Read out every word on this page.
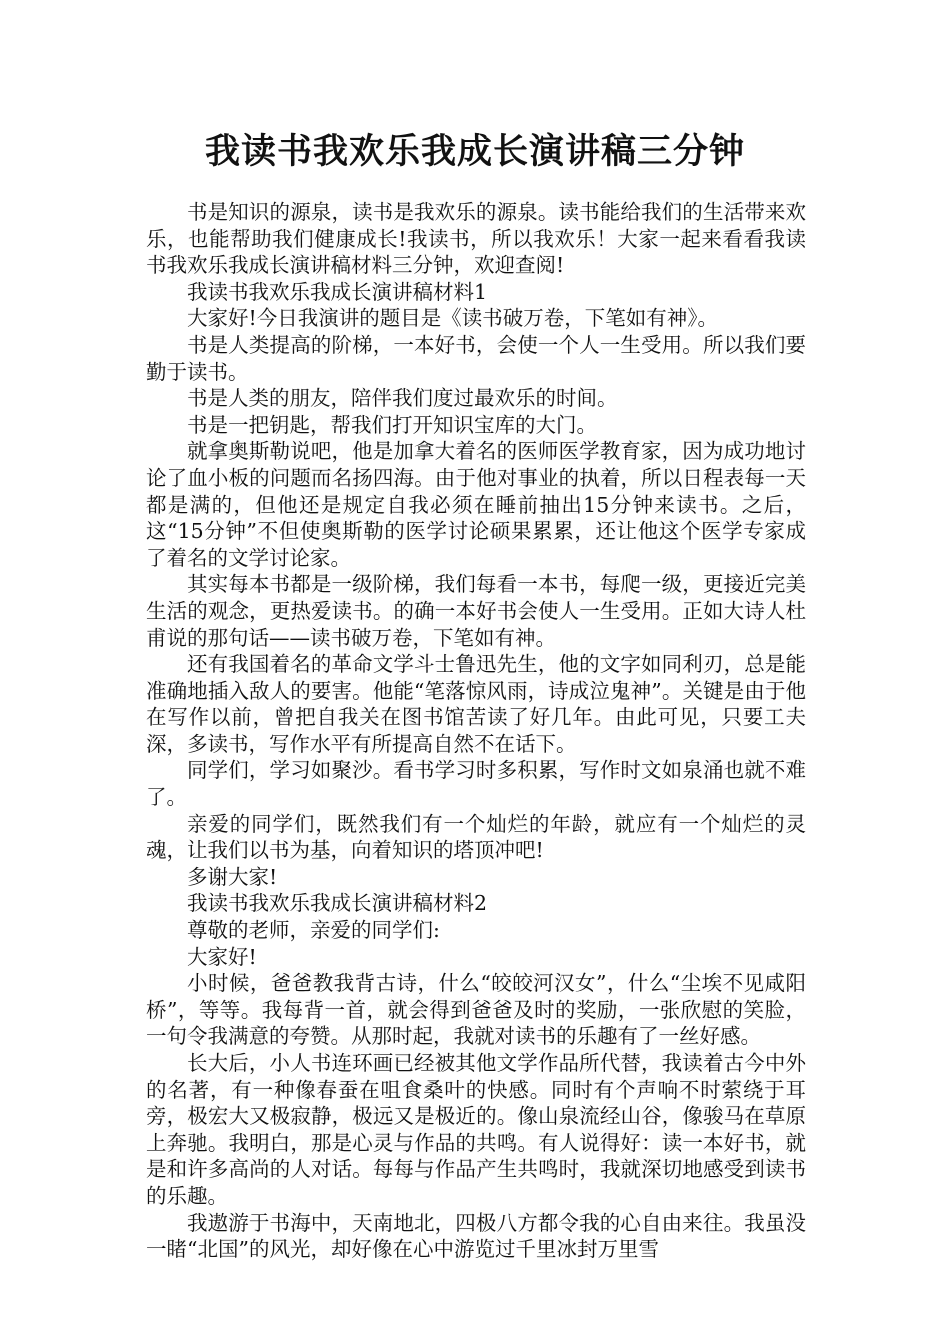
我读书我欢乐我成长演讲稿三分钟

书是知识的源泉，读书是我欢乐的源泉。读书能给我们的生活带来欢乐，也能帮助我们健康成长!我读书，所以我欢乐！大家一起来看看我读书我欢乐我成长演讲稿材料三分钟，欢迎查阅!

我读书我欢乐我成长演讲稿材料1

大家好!今日我演讲的题目是《读书破万卷，下笔如有神》。

书是人类提高的阶梯，一本好书，会使一个人一生受用。所以我们要勤于读书。

书是人类的朋友，陪伴我们度过最欢乐的时间。

书是一把钥匙，帮我们打开知识宝库的大门。

就拿奥斯勒说吧，他是加拿大着名的医师医学教育家，因为成功地讨论了血小板的问题而名扬四海。由于他对事业的执着，所以日程表每一天都是满的，但他还是规定自我必须在睡前抽出15分钟来读书。之后，这“15分钟”不但使奥斯勒的医学讨论硕果累累，还让他这个医学专家成了着名的文学讨论家。

其实每本书都是一级阶梯，我们每看一本书，每爬一级，更接近完美生活的观念，更热爱读书。的确一本好书会使人一生受用。正如大诗人杜甫说的那句话——读书破万卷，下笔如有神。

还有我国着名的革命文学斗士鲁迅先生，他的文字如同利刃，总是能准确地插入敌人的要害。他能“笔落惊风雨，诗成泣鬼神”。关键是由于他在写作以前，曾把自我关在图书馆苦读了好几年。由此可见，只要工夫深，多读书，写作水平有所提高自然不在话下。

同学们，学习如聚沙。看书学习时多积累，写作时文如泉涌也就不难了。

亲爱的同学们，既然我们有一个灿烂的年龄，就应有一个灿烂的灵魂，让我们以书为基，向着知识的塔顶冲吧!

多谢大家!

我读书我欢乐我成长演讲稿材料2

尊敬的老师，亲爱的同学们:

大家好!

小时候，爸爸教我背古诗，什么“皎皎河汉女”，什么“尘埃不见咸阳桥”，等等。我每背一首，就会得到爸爸及时的奖励，一张欣慰的笑脸，一句令我满意的夸赞。从那时起，我就对读书的乐趣有了一丝好感。

长大后，小人书连环画已经被其他文学作品所代替，我读着古今中外的名著，有一种像春蚕在咀食桑叶的快感。同时有个声响不时萦绕于耳旁，极宏大又极寂静，极远又是极近的。像山泉流经山谷，像骏马在草原上奔驰。我明白，那是心灵与作品的共鸣。有人说得好：读一本好书，就是和许多高尚的人对话。每每与作品产生共鸣时，我就深切地感受到读书的乐趣。

我遨游于书海中，天南地北，四极八方都令我的心自由来往。我虽没一睹“北国”的风光，却好像在心中游览过千里冰封万里雪
